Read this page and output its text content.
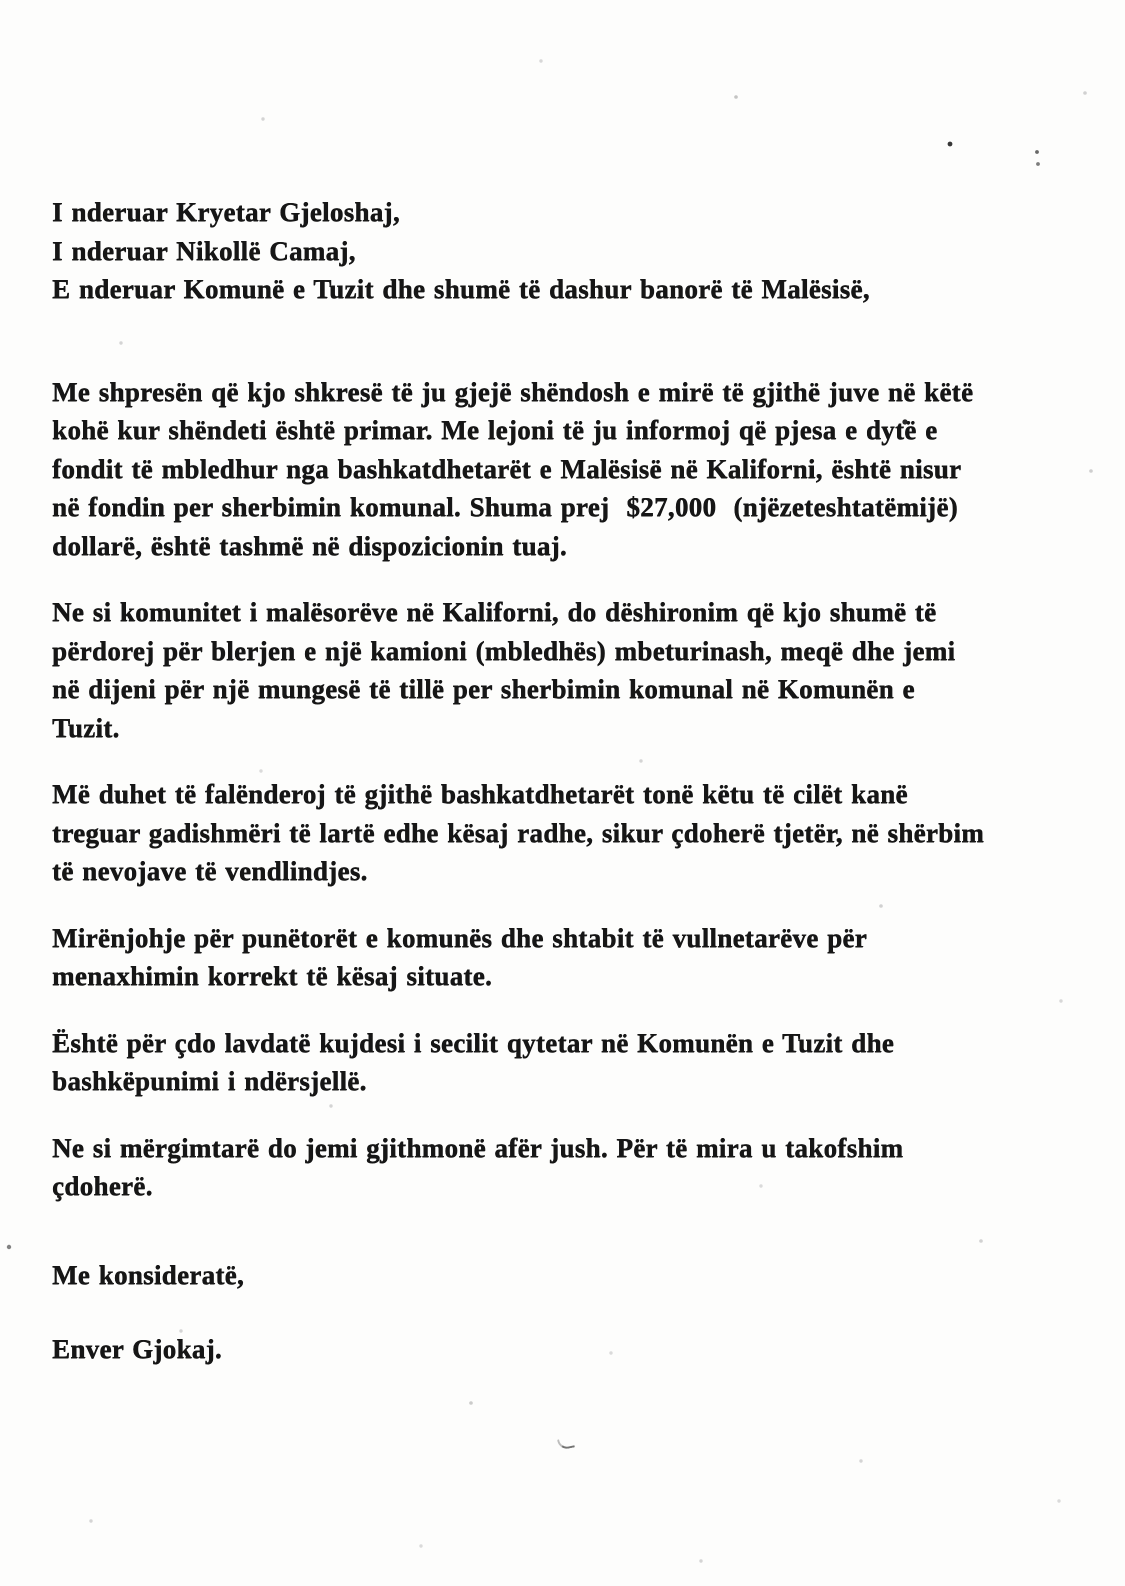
I nderuar Kryetar Gjeloshaj,
I nderuar Nikollë Camaj,
E nderuar Komunë e Tuzit dhe shumë të dashur banorë të Malësisë,
Me shpresën që kjo shkresë të ju gjejë shëndosh e mirë të gjithë juve në këtë
kohë kur shëndeti është primar. Me lejoni të ju informoj që pjesa e dytë e
fondit të mbledhur nga bashkatdhetarët e Malësisë në Kaliforni, është nisur
në fondin per sherbimin komunal. Shuma prej  $27,000  (njëzeteshtatëmijë)
dollarë, është tashmë në dispozicionin tuaj.
Ne si komunitet i malësorëve në Kaliforni, do dëshironim që kjo shumë të
përdorej për blerjen e një kamioni (mbledhës) mbeturinash, meqë dhe jemi
në dijeni për një mungesë të tillë per sherbimin komunal në Komunën e
Tuzit.
Më duhet të falënderoj të gjithë bashkatdhetarët tonë këtu të cilët kanë
treguar gadishmëri të lartë edhe kësaj radhe, sikur çdoherë tjetër, në shërbim
të nevojave të vendlindjes.
Mirënjohje për punëtorët e komunës dhe shtabit të vullnetarëve për
menaxhimin korrekt të kësaj situate.
Është për çdo lavdatë kujdesi i secilit qytetar në Komunën e Tuzit dhe
bashkëpunimi i ndërsjellë.
Ne si mërgimtarë do jemi gjithmonë afër jush. Për të mira u takofshim
çdoherë.
Me konsideratë,
Enver Gjokaj.
